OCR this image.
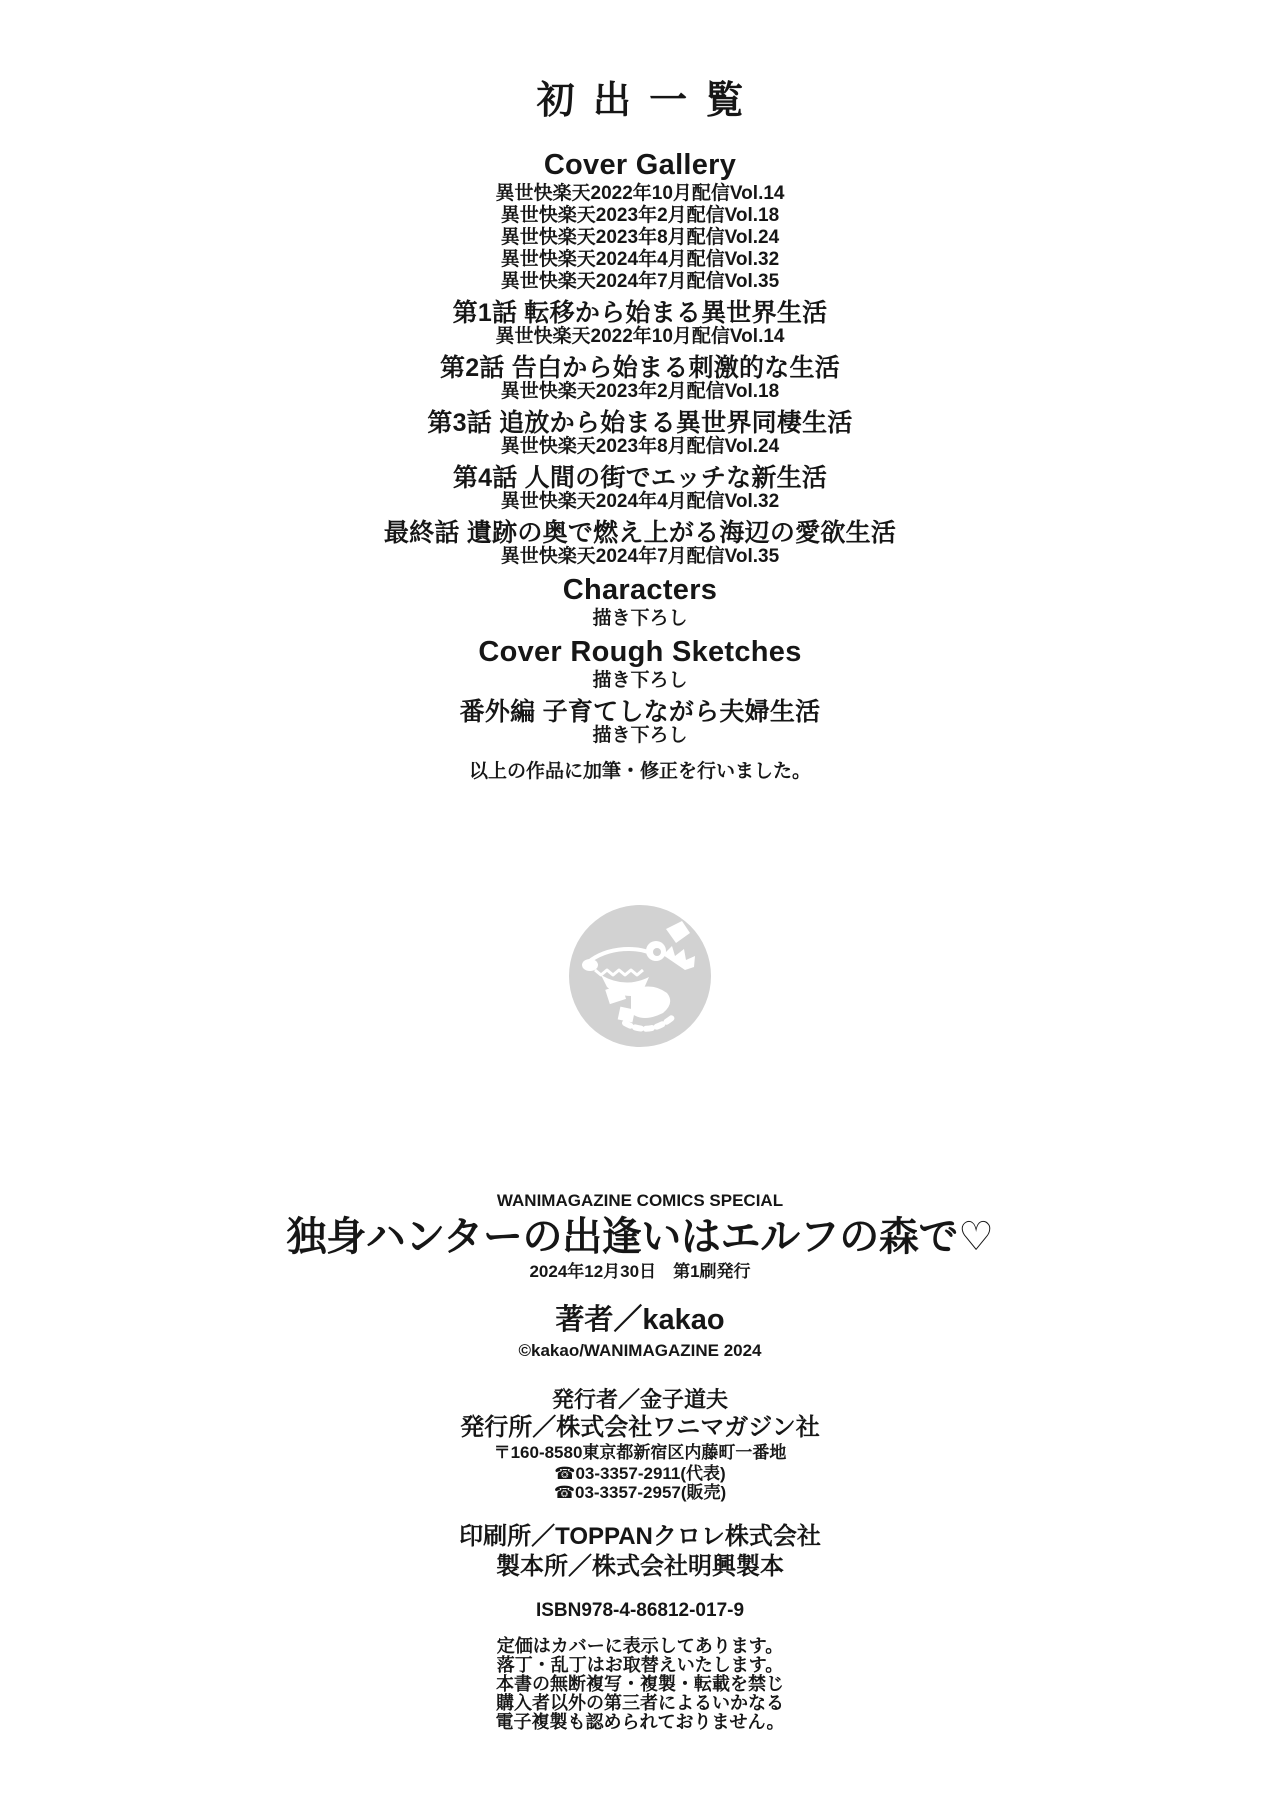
初出一覧

Cover Gallery

異世快楽天2022年10月配信Vol.14

異世快楽天2023年2月配信Vol.18

異世快楽天2023年8月配信Vol.24

異世快楽天2024年4月配信Vol.32

異世快楽天2024年7月配信Vol.35

第1話 転移から始まる異世界生活

異世快楽天2022年10月配信Vol.14

第2話 告白から始まる刺激的な生活

異世快楽天2023年2月配信Vol.18

第3話 追放から始まる異世界同棲生活

異世快楽天2023年8月配信Vol.24

第4話 人間の街でエッチな新生活

異世快楽天2024年4月配信Vol.32

最終話 遺跡の奥で燃え上がる海辺の愛欲生活

異世快楽天2024年7月配信Vol.35

Characters

描き下ろし

Cover Rough Sketches

描き下ろし

番外編 子育てしながら夫婦生活

描き下ろし

以上の作品に加筆・修正を行いました。

WANIMAGAZINE COMICS SPECIAL

独身ハンターの出逢いはエルフの森で♡

2024年12月30日　第1刷発行

著者／kakao

©kakao/WANIMAGAZINE 2024

発行者／金子道夫

発行所／株式会社ワニマガジン社

〒160-8580東京都新宿区内藤町一番地

☎03-3357-2911(代表)

☎03-3357-2957(販売)

印刷所／TOPPANクロレ株式会社

製本所／株式会社明興製本

ISBN978-4-86812-017-9

定価はカバーに表示してあります。

落丁・乱丁はお取替えいたします。

本書の無断複写・複製・転載を禁じ

購入者以外の第三者によるいかなる

電子複製も認められておりません。
